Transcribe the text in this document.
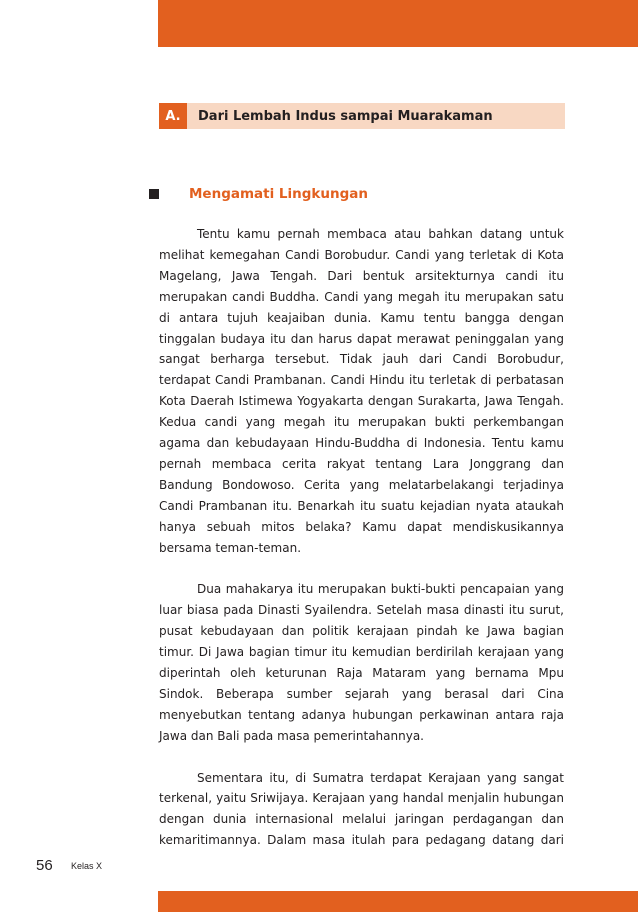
A.	Dari Lembah Indus sampai Muarakaman
Mengamati Lingkungan

Tentu kamu pernah membaca atau bahkan datang untuk melihat kemegahan Candi Borobudur. Candi yang terletak di Kota Magelang, Jawa Tengah. Dari bentuk arsitekturnya candi itu merupakan candi Buddha. Candi yang megah itu merupakan satu di antara tujuh keajaiban dunia. Kamu tentu bangga dengan tinggalan budaya itu dan harus dapat merawat peninggalan yang sangat berharga tersebut. Tidak jauh dari Candi Borobudur, terdapat Candi Prambanan. Candi Hindu itu terletak di perbatasan Kota Daerah Istimewa Yogyakarta dengan Surakarta, Jawa Tengah. Kedua candi yang megah itu merupakan bukti perkembangan agama dan kebudayaan Hindu-Buddha di Indonesia. Tentu kamu pernah membaca cerita rakyat tentang Lara Jonggrang dan Bandung Bondowoso. Cerita yang melatarbelakangi terjadinya Candi Prambanan itu. Benarkah itu suatu kejadian nyata ataukah hanya sebuah mitos belaka? Kamu dapat mendiskusikannya bersama teman-teman.

Dua mahakarya itu merupakan bukti-bukti pencapaian yang luar biasa pada Dinasti Syailendra. Setelah masa dinasti itu surut, pusat kebudayaan dan politik kerajaan pindah ke Jawa bagian timur. Di Jawa bagian timur itu kemudian berdirilah kerajaan yang diperintah oleh keturunan Raja Mataram yang bernama Mpu Sindok. Beberapa sumber sejarah yang berasal dari Cina menyebutkan tentang adanya hubungan perkawinan antara raja Jawa dan Bali pada masa pemerintahannya.

Sementara itu, di Sumatra terdapat Kerajaan yang sangat terkenal, yaitu Sriwijaya. Kerajaan yang handal menjalin hubungan dengan dunia internasional melalui jaringan perdagangan dan kemaritimannya. Dalam masa itulah para pedagang datang dari

56 Kelas X
